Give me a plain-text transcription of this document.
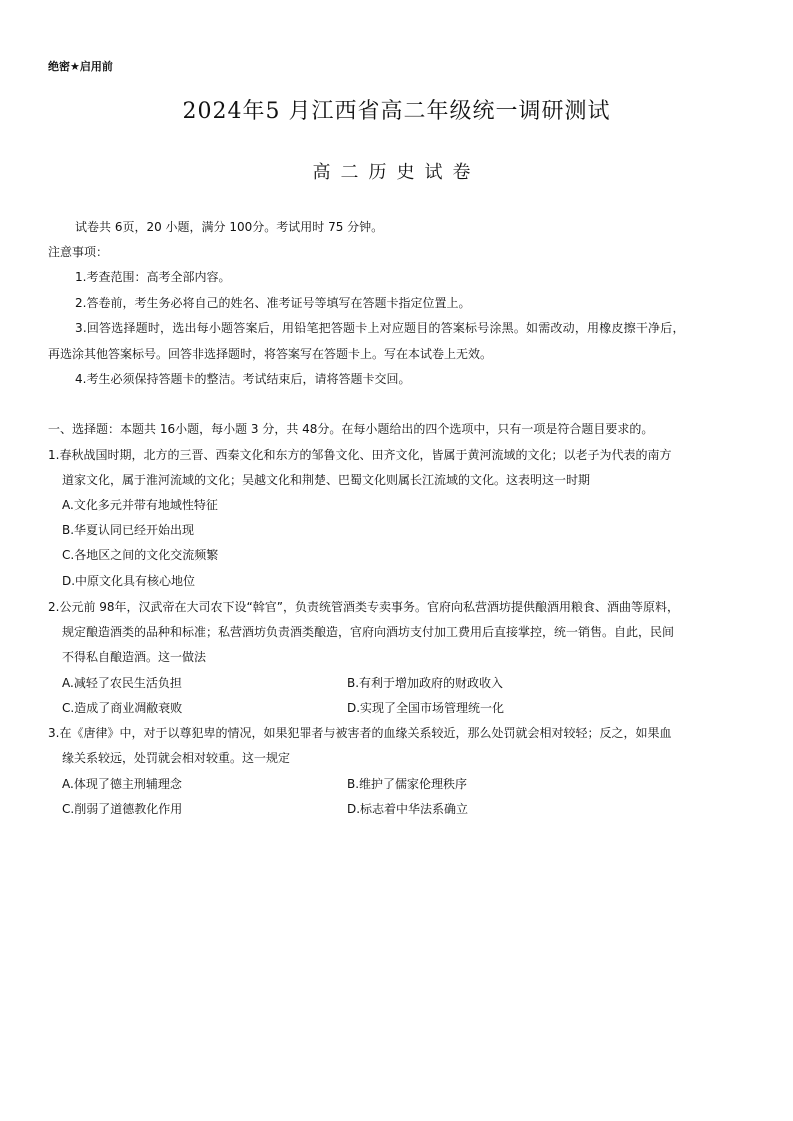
绝密★启用前
2024年5 月江西省高二年级统一调研测试
高二历史试卷
试卷共 6页，20 小题，满分 100分。考试用时 75 分钟。
注意事项：
1.考查范围：高考全部内容。
2.答卷前，考生务必将自己的姓名、准考证号等填写在答题卡指定位置上。
3.回答选择题时，选出每小题答案后，用铅笔把答题卡上对应题目的答案标号涂黑。如需改动，用橡皮擦干净后，
再选涂其他答案标号。回答非选择题时，将答案写在答题卡上。写在本试卷上无效。
4.考生必须保持答题卡的整洁。考试结束后，请将答题卡交回。
一、选择题：本题共 16小题，每小题 3 分，共 48分。在每小题给出的四个选项中，只有一项是符合题目要求的。
1.春秋战国时期，北方的三晋、西秦文化和东方的邹鲁文化、田齐文化，皆属于黄河流域的文化；以老子为代表的南方
道家文化，属于淮河流域的文化；吴越文化和荆楚、巴蜀文化则属长江流域的文化。这表明这一时期
A.文化多元并带有地域性特征
B.华夏认同已经开始出现
C.各地区之间的文化交流频繁
D.中原文化具有核心地位
2.公元前 98年，汉武帝在大司农下设“斡官”，负责统管酒类专卖事务。官府向私营酒坊提供酿酒用粮食、酒曲等原料，
规定酿造酒类的品种和标准；私营酒坊负责酒类酿造，官府向酒坊支付加工费用后直接掌控，统一销售。自此，民间
不得私自酿造酒。这一做法
A.减轻了农民生活负担	B.有利于增加政府的财政收入
C.造成了商业凋敝衰败	D.实现了全国市场管理统一化
3.在《唐律》中，对于以尊犯卑的情况，如果犯罪者与被害者的血缘关系较近，那么处罚就会相对较轻；反之，如果血
缘关系较远，处罚就会相对较重。这一规定
A.体现了德主刑辅理念	B.维护了儒家伦理秩序
C.削弱了道德教化作用	D.标志着中华法系确立
